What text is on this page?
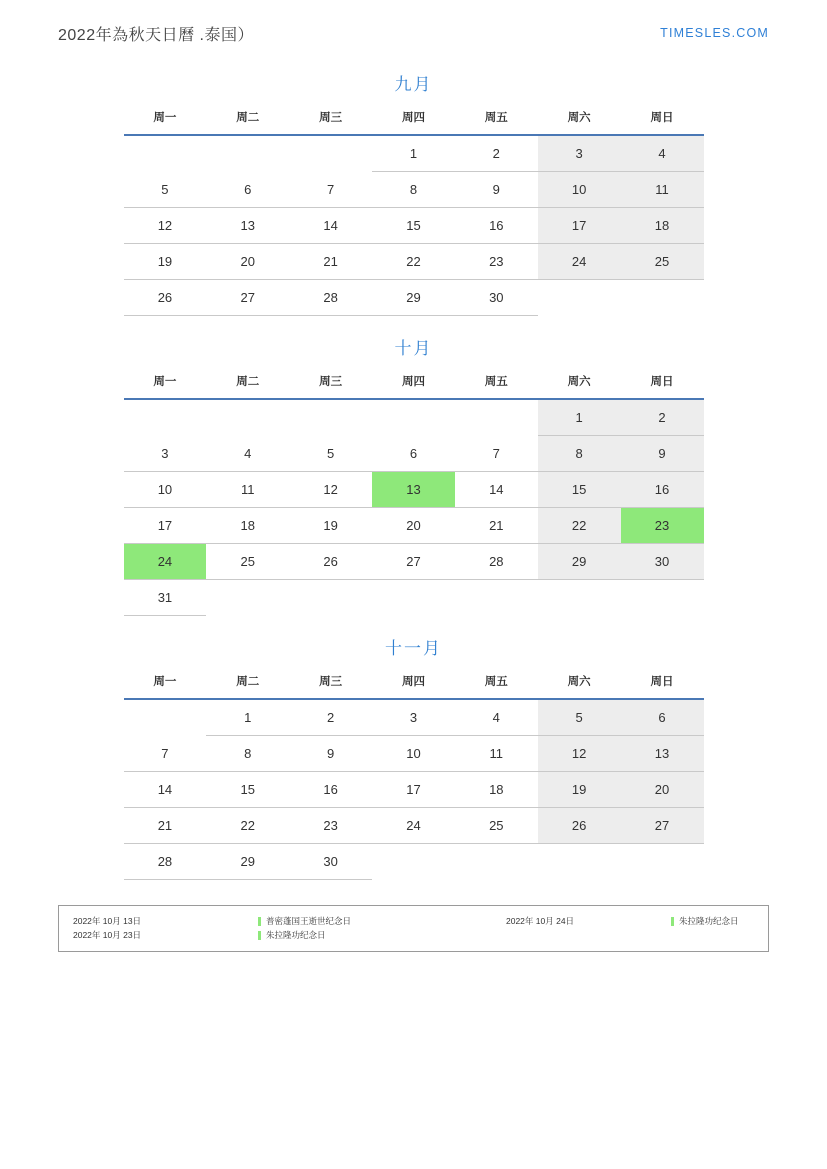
2022年為秋天日曆 .泰国）	TIMESLES.COM
九月
周一	周二	周三	周四	周五	周六	周日
			1	2	3	4
5	6	7	8	9	10	11
12	13	14	15	16	17	18
19	20	21	22	23	24	25
26	27	28	29	30		
十月
周一	周二	周三	周四	周五	周六	周日
					1	2
3	4	5	6	7	8	9
10	11	12	13	14	15	16
17	18	19	20	21	22	23
24	25	26	27	28	29	30
31						
十一月
周一	周二	周三	周四	周五	周六	周日
	1	2	3	4	5	6
7	8	9	10	11	12	13
14	15	16	17	18	19	20
21	22	23	24	25	26	27
28	29	30				
2022年 10月 13日	普密蓬国王逝世纪念日	2022年 10月 24日	朱拉隆功纪念日
2022年 10月 23日	朱拉隆功纪念日
